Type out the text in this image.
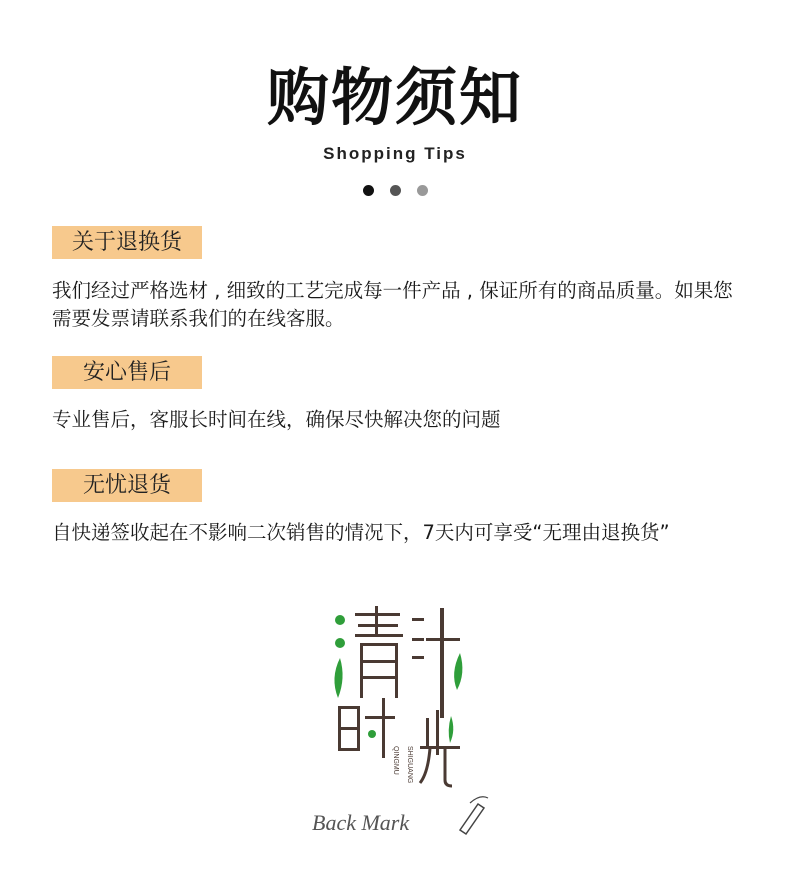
购物须知
Shopping Tips

关于退换货
我们经过严格选材 , 细致的工艺完成每一件产品 , 保证所有的商品质量。如果您需要发票请联系我们的在线客服。
安心售后
专业售后，客服长时间在线，确保尽快解决您的问题
无忧退货
自快递签收起在不影响二次销售的情况下，7天内可享受“无理由退换货”
QINGMU SHIGUANG
Back Mark
